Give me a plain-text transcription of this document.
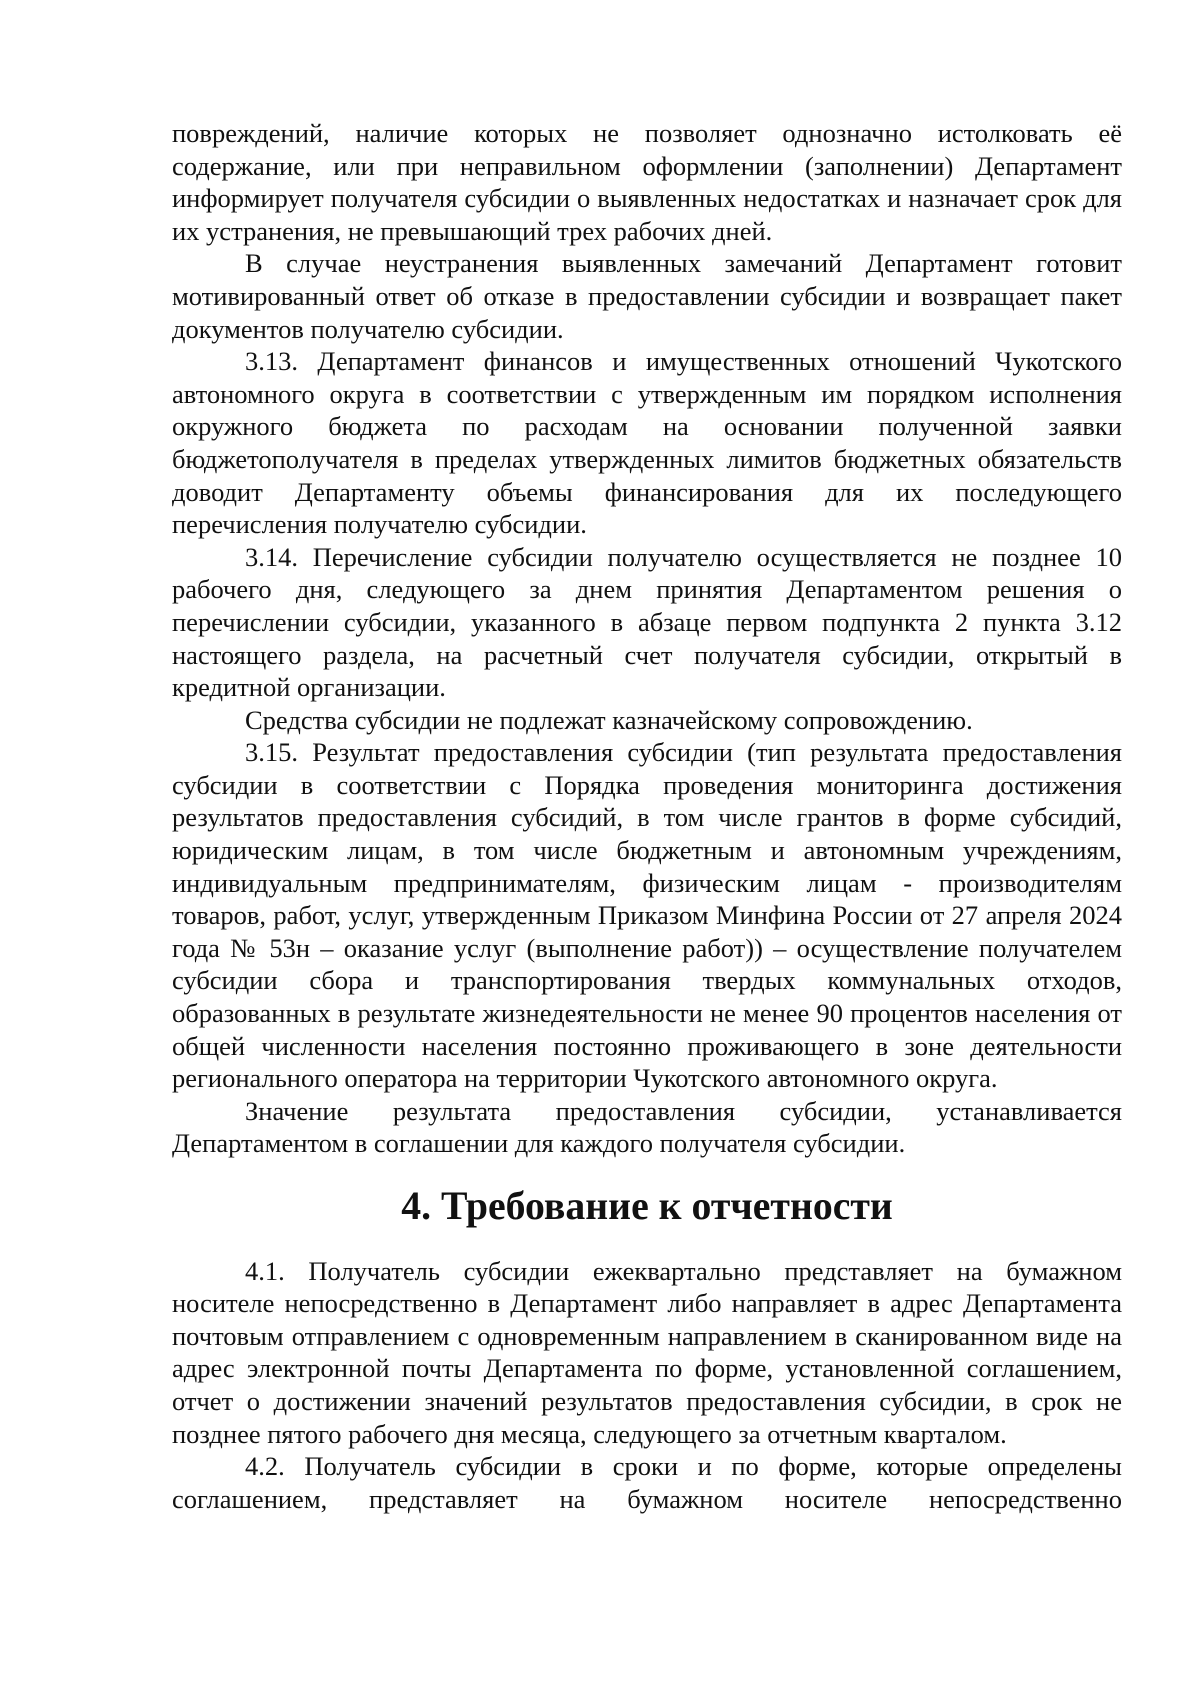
повреждений, наличие которых не позволяет однозначно истолковать её содержание, или при неправильном оформлении (заполнении) Департамент информирует получателя субсидии о выявленных недостатках и назначает срок для их устранения, не превышающий трех рабочих дней.

В случае неустранения выявленных замечаний Департамент готовит мотивированный ответ об отказе в предоставлении субсидии и возвращает пакет документов получателю субсидии.

3.13. Департамент финансов и имущественных отношений Чукотского автономного округа в соответствии с утвержденным им порядком исполнения окружного бюджета по расходам на основании полученной заявки бюджетополучателя в пределах утвержденных лимитов бюджетных обязательств доводит Департаменту объемы финансирования для их последующего перечисления получателю субсидии.

3.14. Перечисление субсидии получателю осуществляется не позднее 10 рабочего дня, следующего за днем принятия Департаментом решения о перечислении субсидии, указанного в абзаце первом подпункта 2 пункта 3.12 настоящего раздела, на расчетный счет получателя субсидии, открытый в кредитной организации.

Средства субсидии не подлежат казначейскому сопровождению.

3.15. Результат предоставления субсидии (тип результата предоставления субсидии в соответствии с Порядка проведения мониторинга достижения результатов предоставления субсидий, в том числе грантов в форме субсидий, юридическим лицам, в том числе бюджетным и автономным учреждениям, индивидуальным предпринимателям, физическим лицам - производителям товаров, работ, услуг, утвержденным Приказом Минфина России от 27 апреля 2024 года № 53н – оказание услуг (выполнение работ)) – осуществление получателем субсидии сбора и транспортирования твердых коммунальных отходов, образованных в результате жизнедеятельности не менее 90 процентов населения от общей численности населения постоянно проживающего в зоне деятельности регионального оператора на территории Чукотского автономного округа.

Значение результата предоставления субсидии, устанавливается Департаментом в соглашении для каждого получателя субсидии.

4. Требование к отчетности

4.1. Получатель субсидии ежеквартально представляет на бумажном носителе непосредственно в Департамент либо направляет в адрес Департамента почтовым отправлением с одновременным направлением в сканированном виде на адрес электронной почты Департамента по форме, установленной соглашением, отчет о достижении значений результатов предоставления субсидии, в срок не позднее пятого рабочего дня месяца, следующего за отчетным кварталом.

4.2. Получатель субсидии в сроки и по форме, которые определены соглашением, представляет на бумажном носителе непосредственно
